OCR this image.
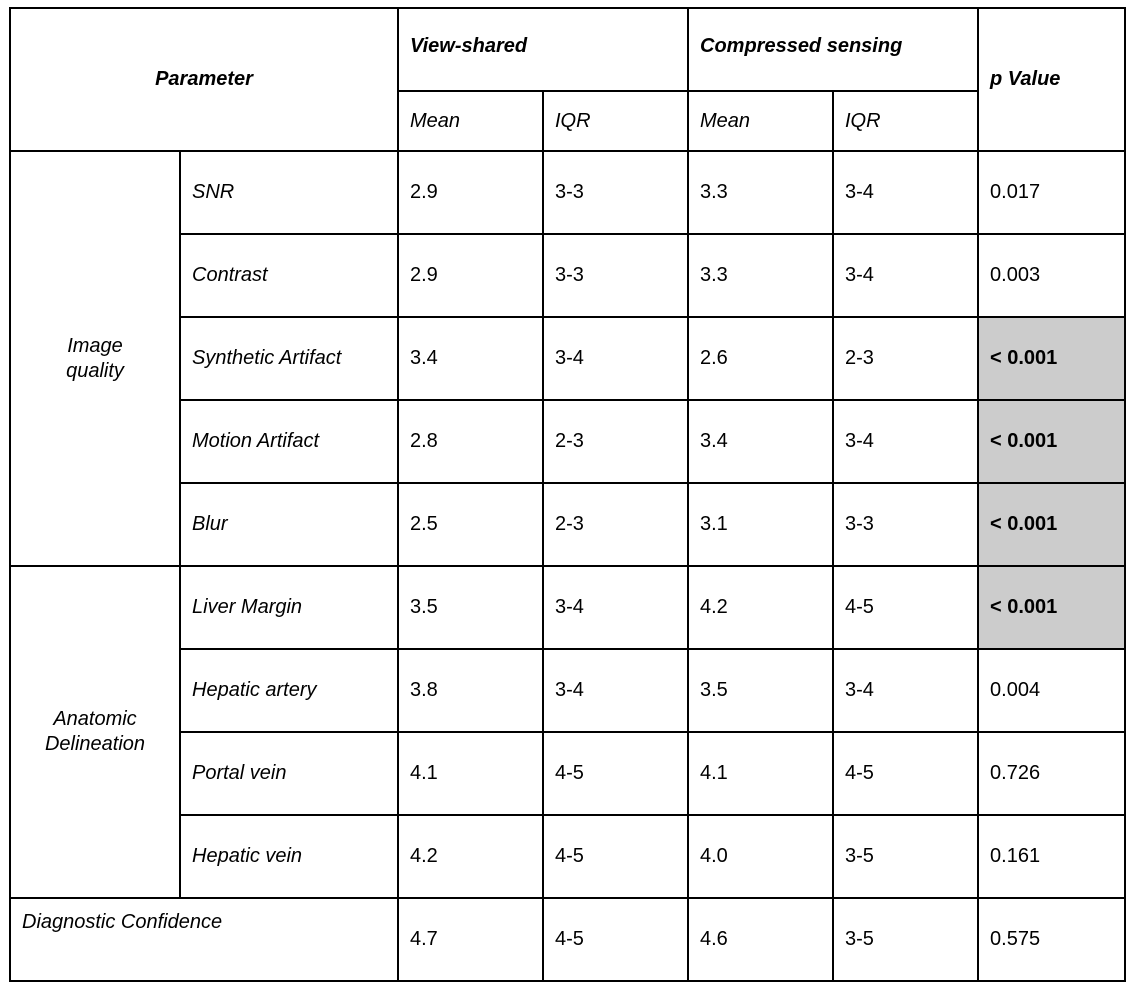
Parameter		View-shared		Compressed sensing		p Value
		Mean	IQR	Mean	IQR	
Image
quality	SNR	2.9	3-3	3.3	3-4	0.017
	Contrast	2.9	3-3	3.3	3-4	0.003
	Synthetic Artifact	3.4	3-4	2.6	2-3	< 0.001
	Motion Artifact	2.8	2-3	3.4	3-4	< 0.001
	Blur	2.5	2-3	3.1	3-3	< 0.001
Anatomic
Delineation	Liver Margin	3.5	3-4	4.2	4-5	< 0.001
	Hepatic artery	3.8	3-4	3.5	3-4	0.004
	Portal vein	4.1	4-5	4.1	4-5	0.726
	Hepatic vein	4.2	4-5	4.0	3-5	0.161
Diagnostic Confidence		4.7	4-5	4.6	3-5	0.575
